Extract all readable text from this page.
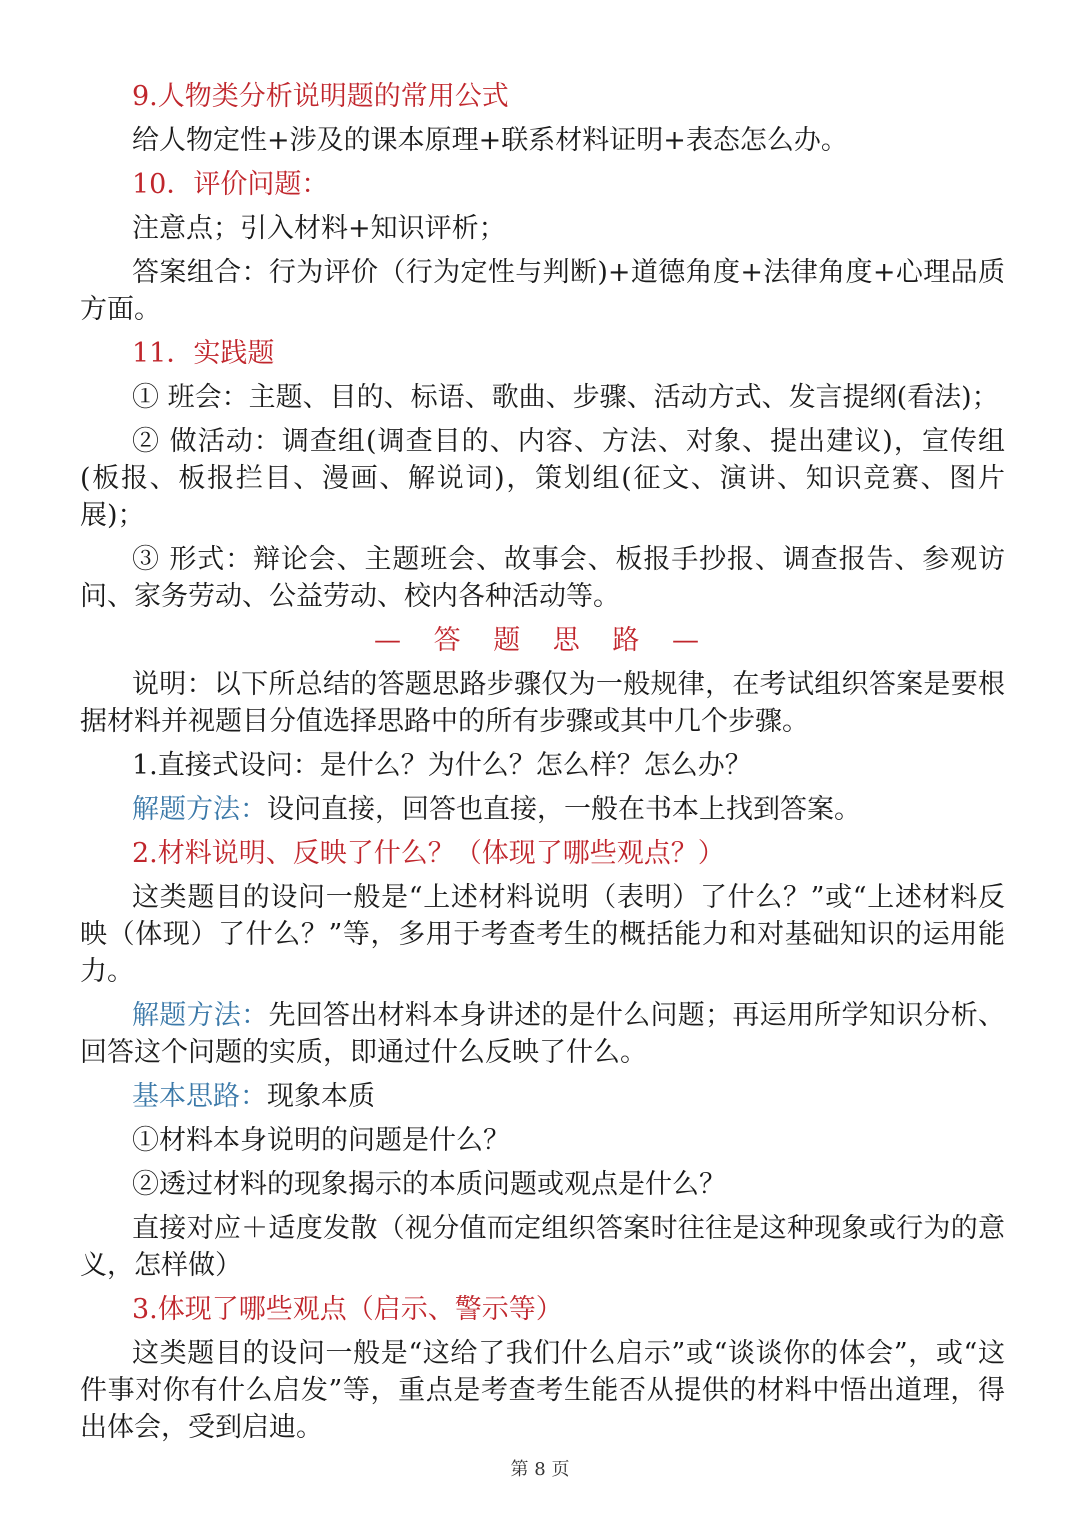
9.人物类分析说明题的常用公式

给人物定性+涉及的课本原理+联系材料证明+表态怎么办。

10．评价问题：

注意点；引入材料+知识评析；

答案组合：行为评价（行为定性与判断)+道德角度+法律角度+心理品质方面。

11．实践题

① 班会：主题、目的、标语、歌曲、步骤、活动方式、发言提纲(看法)；

② 做活动：调查组(调查目的、内容、方法、对象、提出建议)，宣传组(板报、板报拦目、漫画、解说词)，策划组(征文、演讲、知识竞赛、图片展)；

③ 形式：辩论会、主题班会、故事会、板报手抄报、调查报告、参观访问、家务劳动、公益劳动、校内各种活动等。

— 答 题 思 路 —

说明：以下所总结的答题思路步骤仅为一般规律，在考试组织答案是要根据材料并视题目分值选择思路中的所有步骤或其中几个步骤。

1.直接式设问：是什么？为什么？怎么样？怎么办？

解题方法：设问直接，回答也直接，一般在书本上找到答案。

2.材料说明、反映了什么？（体现了哪些观点？）

这类题目的设问一般是“上述材料说明（表明）了什么？”或“上述材料反映（体现）了什么？”等，多用于考查考生的概括能力和对基础知识的运用能力。

解题方法：先回答出材料本身讲述的是什么问题；再运用所学知识分析、回答这个问题的实质，即通过什么反映了什么。

基本思路：现象本质

①材料本身说明的问题是什么？

②透过材料的现象揭示的本质问题或观点是什么？

直接对应＋适度发散（视分值而定组织答案时往往是这种现象或行为的意义，怎样做）

3.体现了哪些观点（启示、警示等）

这类题目的设问一般是“这给了我们什么启示”或“谈谈你的体会”，或“这件事对你有什么启发”等，重点是考查考生能否从提供的材料中悟出道理，得出体会，受到启迪。

第 8 页
